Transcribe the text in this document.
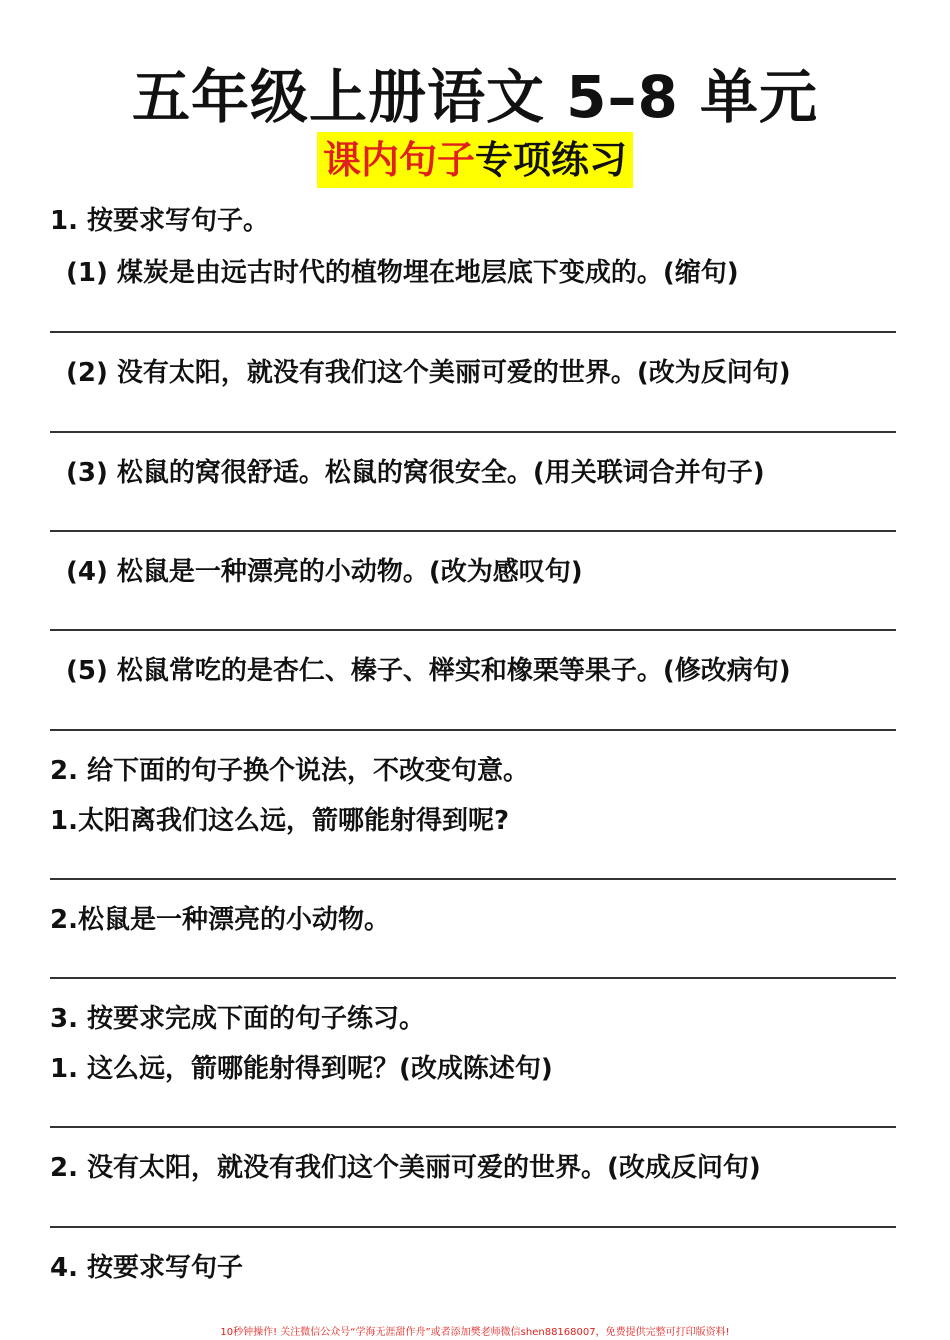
五年级上册语文 5–8 单元
课内句子专项练习
1. 按要求写句子。
(1) 煤炭是由远古时代的植物埋在地层底下变成的。(缩句)
(2) 没有太阳，就没有我们这个美丽可爱的世界。(改为反问句)
(3) 松鼠的窝很舒适。松鼠的窝很安全。(用关联词合并句子)
(4) 松鼠是一种漂亮的小动物。(改为感叹句)
(5) 松鼠常吃的是杏仁、榛子、榉实和橡栗等果子。(修改病句)
2. 给下面的句子换个说法，不改变句意。
1.太阳离我们这么远，箭哪能射得到呢?
2.松鼠是一种漂亮的小动物。
3. 按要求完成下面的句子练习。
1. 这么远，箭哪能射得到呢？(改成陈述句)
2. 没有太阳，就没有我们这个美丽可爱的世界。(改成反问句)
4. 按要求写句子
10秒钟操作! 关注微信公众号“学海无涯甜作舟”或者添加樊老师微信shen88168007，免费提供完整可打印版资料!
